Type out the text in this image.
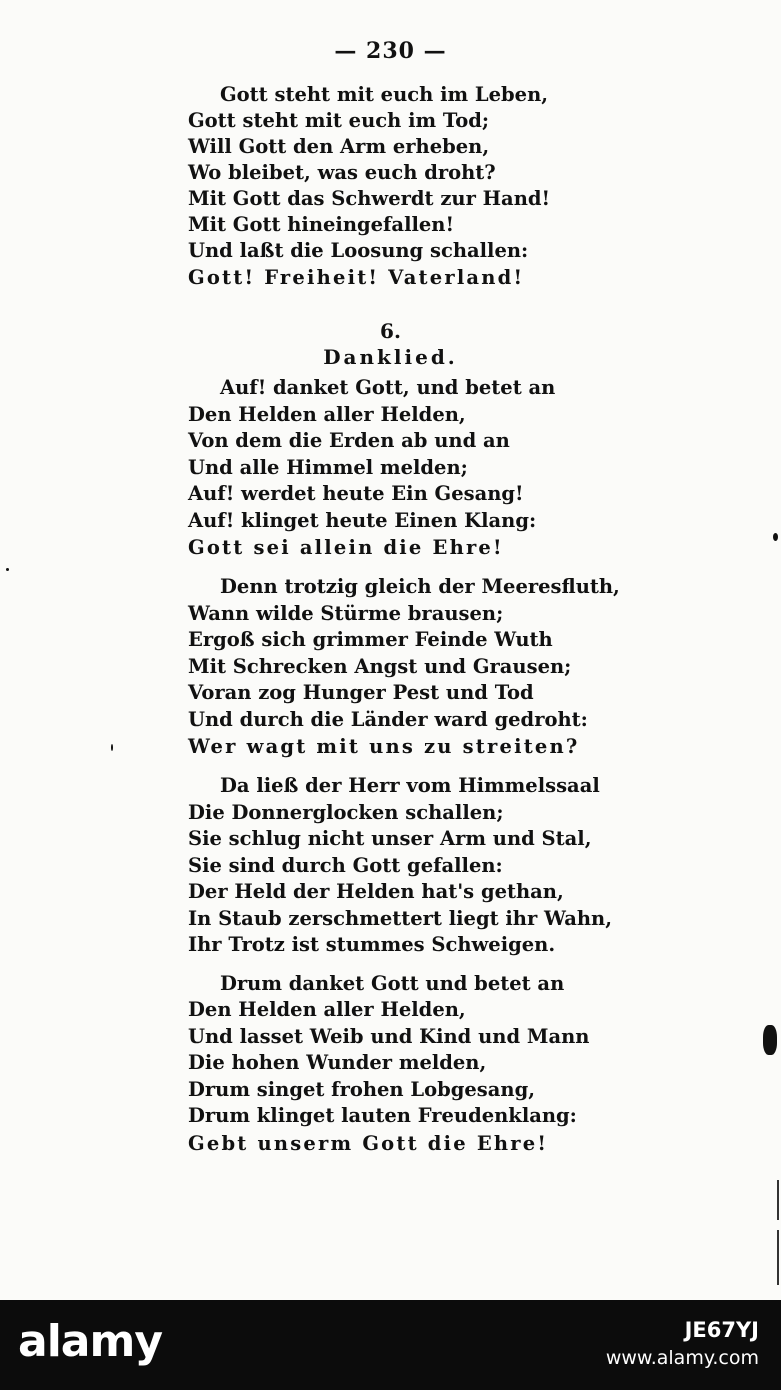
— 230 —
Gott steht mit euch im Leben,
Gott steht mit euch im Tod;
Will Gott den Arm erheben,
Wo bleibet, was euch droht?
Mit Gott das Schwerdt zur Hand!
Mit Gott hineingefallen!
Und laßt die Loosung schallen:
Gott! Freiheit! Vaterland!
6.
Danklied.
Auf! danket Gott, und betet an
Den Helden aller Helden,
Von dem die Erden ab und an
Und alle Himmel melden;
Auf! werdet heute Ein Gesang!
Auf! klinget heute Einen Klang:
Gott sei allein die Ehre!
Denn trotzig gleich der Meeresfluth,
Wann wilde Stürme brausen;
Ergoß sich grimmer Feinde Wuth
Mit Schrecken Angst und Grausen;
Voran zog Hunger Pest und Tod
Und durch die Länder ward gedroht:
Wer wagt mit uns zu streiten?
Da ließ der Herr vom Himmelssaal
Die Donnerglocken schallen;
Sie schlug nicht unser Arm und Stal,
Sie sind durch Gott gefallen:
Der Held der Helden hat's gethan,
In Staub zerschmettert liegt ihr Wahn,
Ihr Trotz ist stummes Schweigen.
Drum danket Gott und betet an
Den Helden aller Helden,
Und lasset Weib und Kind und Mann
Die hohen Wunder melden,
Drum singet frohen Lobgesang,
Drum klinget lauten Freudenklang:
Gebt unserm Gott die Ehre!
alamy	JE67YJ
www.alamy.com
